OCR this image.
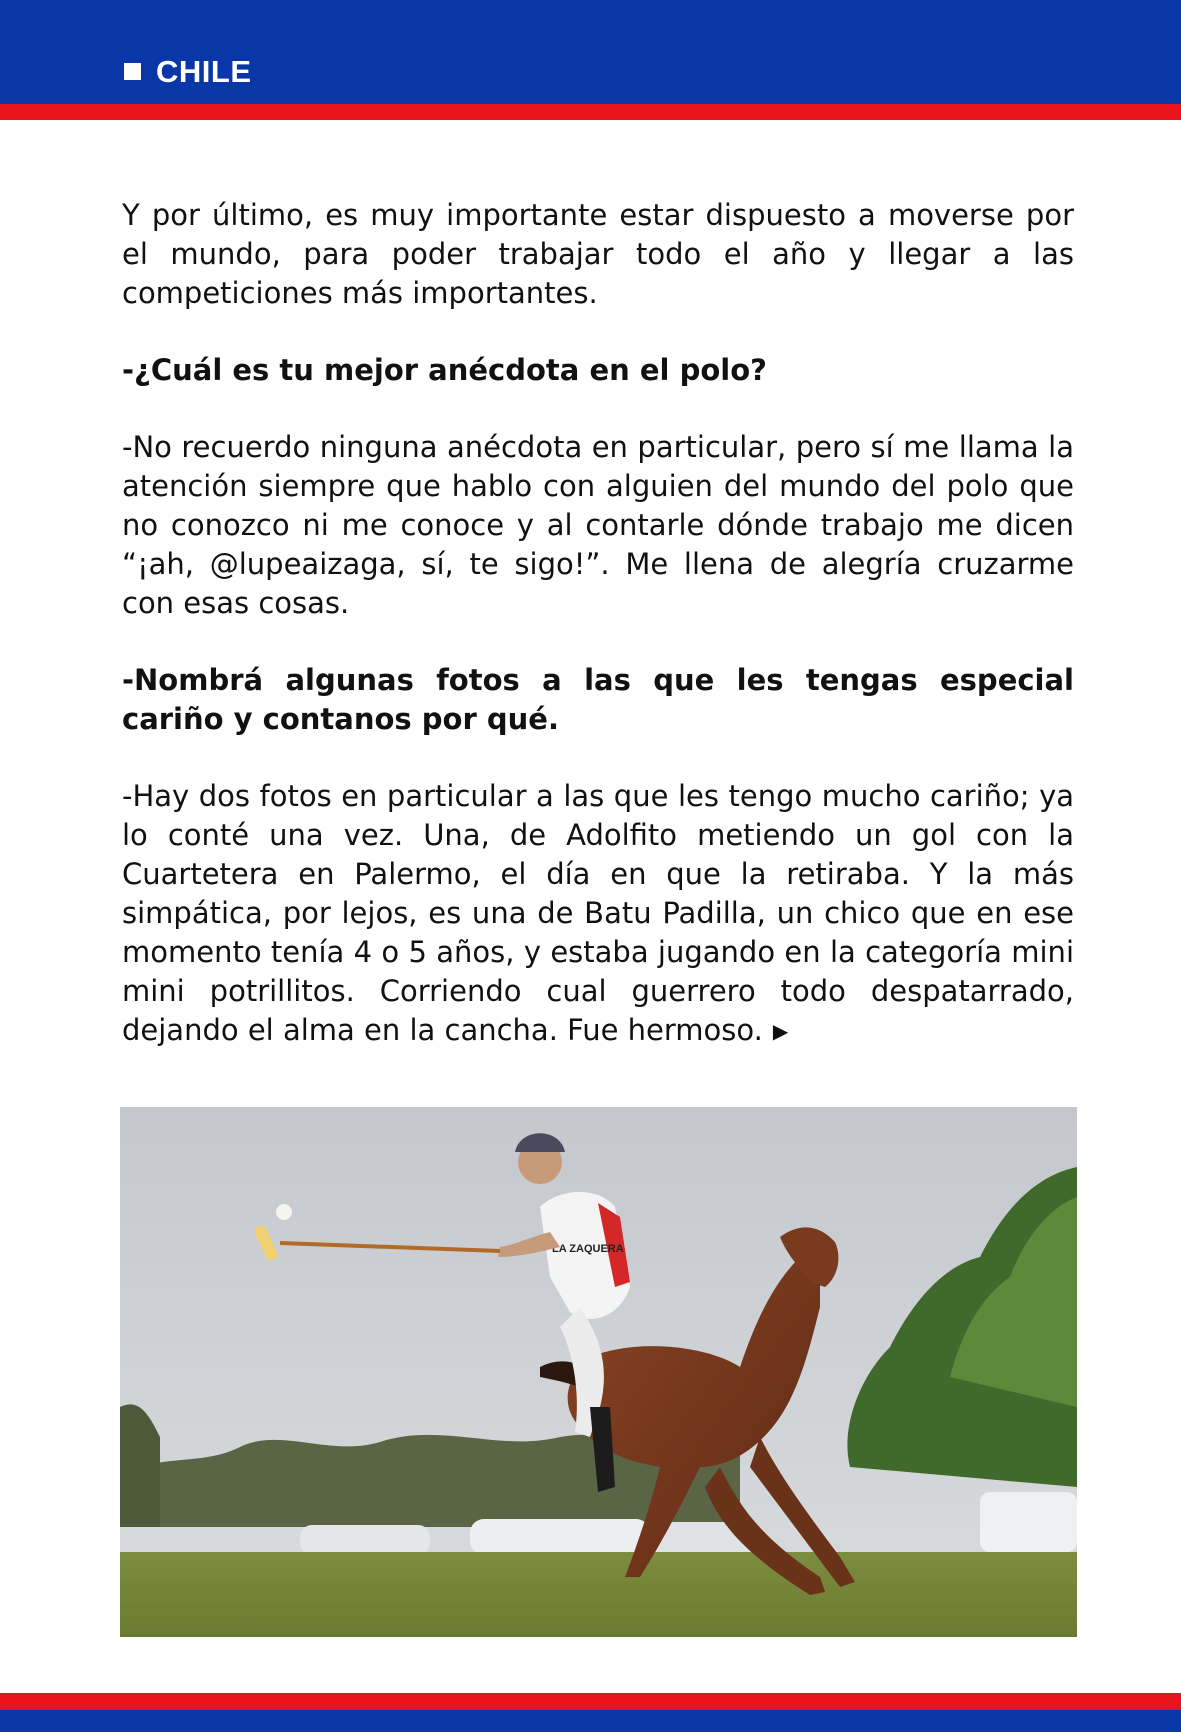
CHILE

Y por último, es muy importante estar dispuesto a moverse por el mundo, para poder trabajar todo el año y llegar a las competiciones más importantes.

-¿Cuál es tu mejor anécdota en el polo?

-No recuerdo ninguna anécdota en particular, pero sí me llama la atención siempre que hablo con alguien del mundo del polo que no conozco ni me conoce y al contarle dónde trabajo me dicen “¡ah, @lupeaizaga, sí, te sigo!”. Me llena de alegría cruzarme con esas cosas.

-Nombrá algunas fotos a las que les tengas especial cariño y contanos por qué.

-Hay dos fotos en particular a las que les tengo mucho cariño; ya lo conté una vez. Una, de Adolfito metiendo un gol con la Cuartetera en Palermo, el día en que la retiraba. Y la más simpática, por lejos, es una de Batu Padilla, un chico que en ese momento tenía 4 o 5 años, y estaba jugando en la categoría mini mini potrillitos. Corriendo cual guerrero todo despatarrado, dejando el alma en la cancha. Fue hermoso. ▶

LA ZAQUERA
